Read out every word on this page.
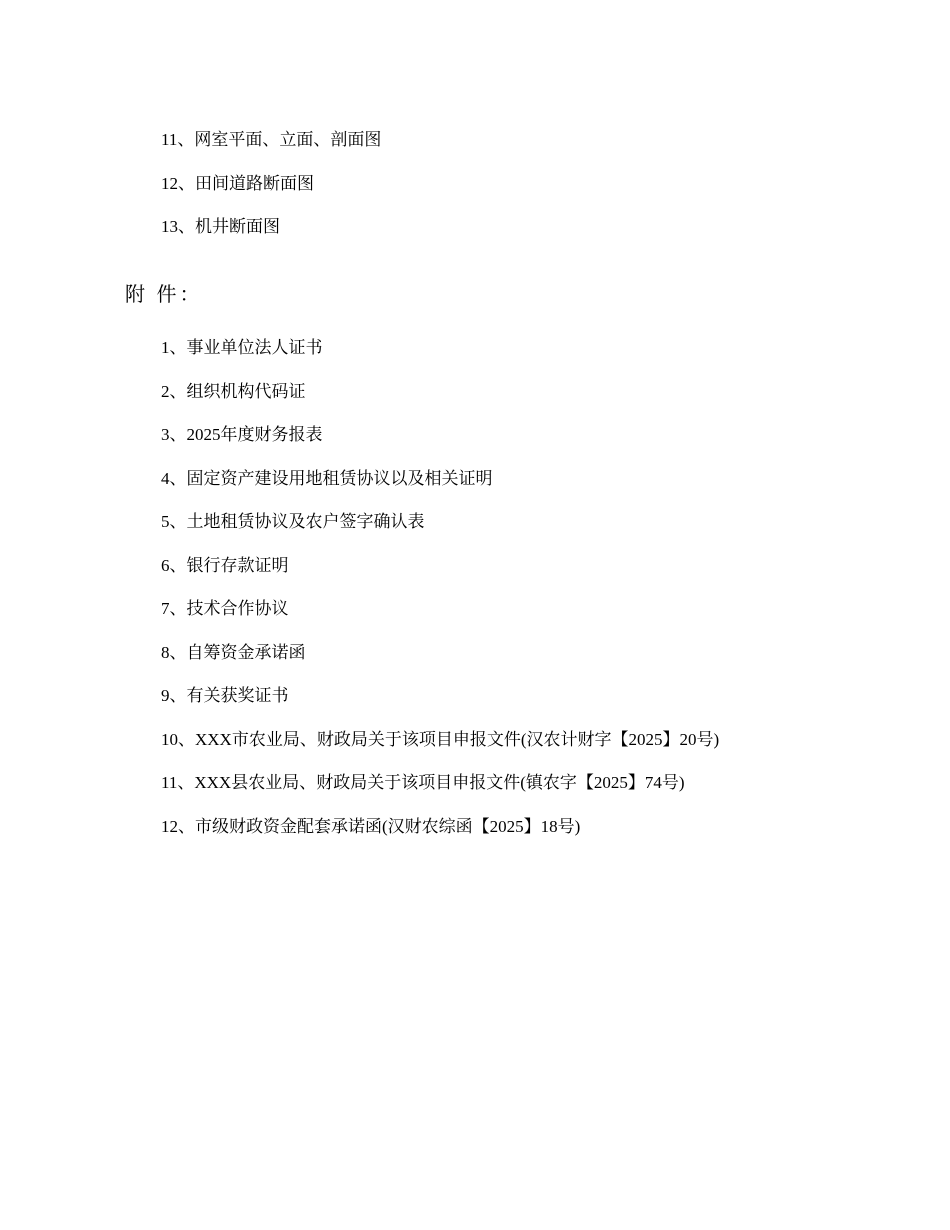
11、网室平面、立面、剖面图
12、田间道路断面图
13、机井断面图
附 件：
1、事业单位法人证书
2、组织机构代码证
3、2025年度财务报表
4、固定资产建设用地租赁协议以及相关证明
5、土地租赁协议及农户签字确认表
6、银行存款证明
7、技术合作协议
8、自筹资金承诺函
9、有关获奖证书
10、XXX市农业局、财政局关于该项目申报文件(汉农计财字【2025】20号)
11、XXX县农业局、财政局关于该项目申报文件(镇农字【2025】74号)
12、市级财政资金配套承诺函(汉财农综函【2025】18号)
